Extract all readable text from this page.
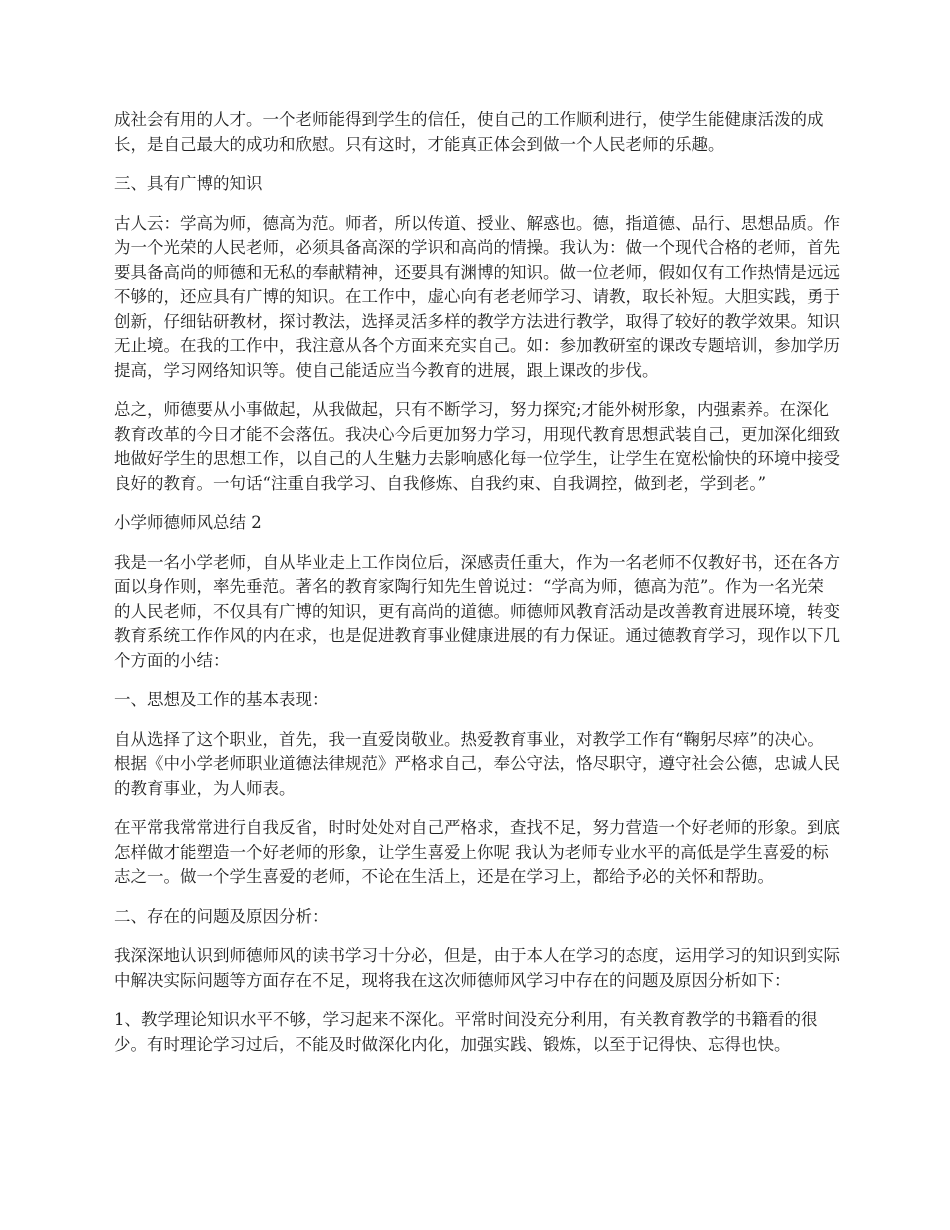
成社会有用的人才。一个老师能得到学生的信任，使自己的工作顺利进行，使学生能健康活泼的成长，是自己最大的成功和欣慰。只有这时，才能真正体会到做一个人民老师的乐趣。

三、具有广博的知识

古人云：学高为师，德高为范。师者，所以传道、授业、解惑也。德，指道德、品行、思想品质。作为一个光荣的人民老师，必须具备高深的学识和高尚的情操。我认为：做一个现代合格的老师，首先要具备高尚的师德和无私的奉献精神，还要具有渊博的知识。做一位老师，假如仅有工作热情是远远不够的，还应具有广博的知识。在工作中，虚心向有老老师学习、请教，取长补短。大胆实践，勇于创新，仔细钻研教材，探讨教法，选择灵活多样的教学方法进行教学，取得了较好的教学效果。知识无止境。在我的工作中，我注意从各个方面来充实自己。如：参加教研室的课改专题培训，参加学历提高，学习网络知识等。使自己能适应当今教育的进展，跟上课改的步伐。

总之，师德要从小事做起，从我做起，只有不断学习，努力探究;才能外树形象，内强素养。在深化教育改革的今日才能不会落伍。我决心今后更加努力学习，用现代教育思想武装自己，更加深化细致地做好学生的思想工作，以自己的人生魅力去影响感化每一位学生，让学生在宽松愉快的环境中接受良好的教育。一句话“注重自我学习、自我修炼、自我约束、自我调控，做到老，学到老。”

小学师德师风总结 2

我是一名小学老师，自从毕业走上工作岗位后，深感责任重大，作为一名老师不仅教好书，还在各方面以身作则，率先垂范。著名的教育家陶行知先生曾说过：“学高为师，德高为范”。作为一名光荣的人民老师，不仅具有广博的知识，更有高尚的道德。师德师风教育活动是改善教育进展环境，转变教育系统工作作风的内在求，也是促进教育事业健康进展的有力保证。通过德教育学习，现作以下几个方面的小结：

一、思想及工作的基本表现：

自从选择了这个职业，首先，我一直爱岗敬业。热爱教育事业，对教学工作有“鞠躬尽瘁”的决心。根据《中小学老师职业道德法律规范》严格求自己，奉公守法，恪尽职守，遵守社会公德，忠诚人民的教育事业，为人师表。

在平常我常常进行自我反省，时时处处对自己严格求，查找不足，努力营造一个好老师的形象。到底怎样做才能塑造一个好老师的形象，让学生喜爱上你呢 我认为老师专业水平的高低是学生喜爱的标志之一。做一个学生喜爱的老师，不论在生活上，还是在学习上，都给予必的关怀和帮助。

二、存在的问题及原因分析：

我深深地认识到师德师风的读书学习十分必，但是，由于本人在学习的态度，运用学习的知识到实际中解决实际问题等方面存在不足，现将我在这次师德师风学习中存在的问题及原因分析如下：

1、教学理论知识水平不够，学习起来不深化。平常时间没充分利用，有关教育教学的书籍看的很少。有时理论学习过后，不能及时做深化内化，加强实践、锻炼，以至于记得快、忘得也快。
